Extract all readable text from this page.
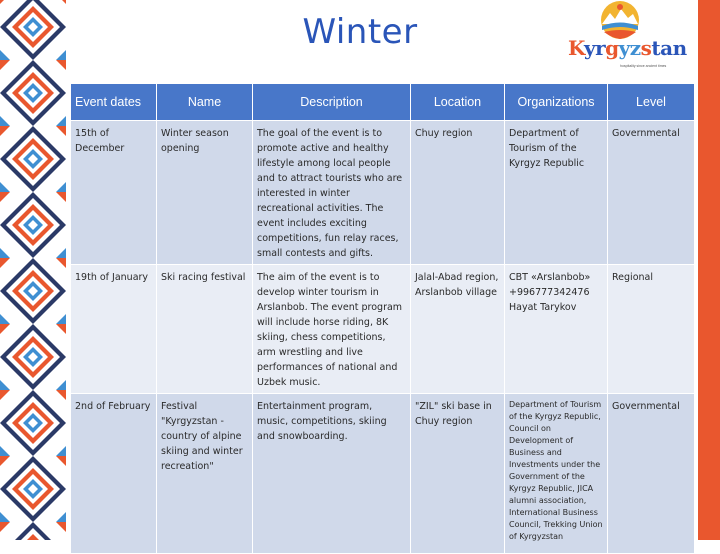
Winter	Kyrgyzstan
hospitality since ancient times
Event dates	Name	Description	Location	Organizations	Level
15th of December	Winter season opening	The goal of the event is to promote active and healthy lifestyle among local people and to attract tourists who are interested in winter recreational activities. The event includes exciting competitions, fun relay races, small contests and gifts.	Chuy region	Department of Tourism of the Kyrgyz Republic	Governmental
19th of January	Ski racing festival	The aim of the event is to develop winter tourism in Arslanbob. The event program will include horse riding, 8K skiing, chess competitions, arm wrestling and live performances of national and Uzbek music.	Jalal-Abad region, Arslanbob village	CBT «Arslanbob» +996777342476 Hayat Tarykov	Regional
2nd of February	Festival "Kyrgyzstan - country of alpine skiing and winter recreation"	Entertainment program, music, competitions, skiing and snowboarding.	"ZIL" ski base in Chuy region	Department of Tourism of the Kyrgyz Republic, Council on Development of Business and Investments under the Government of the Kyrgyz Republic, JICA alumni association, International Business Council, Trekking Union of Kyrgyzstan	Governmental
